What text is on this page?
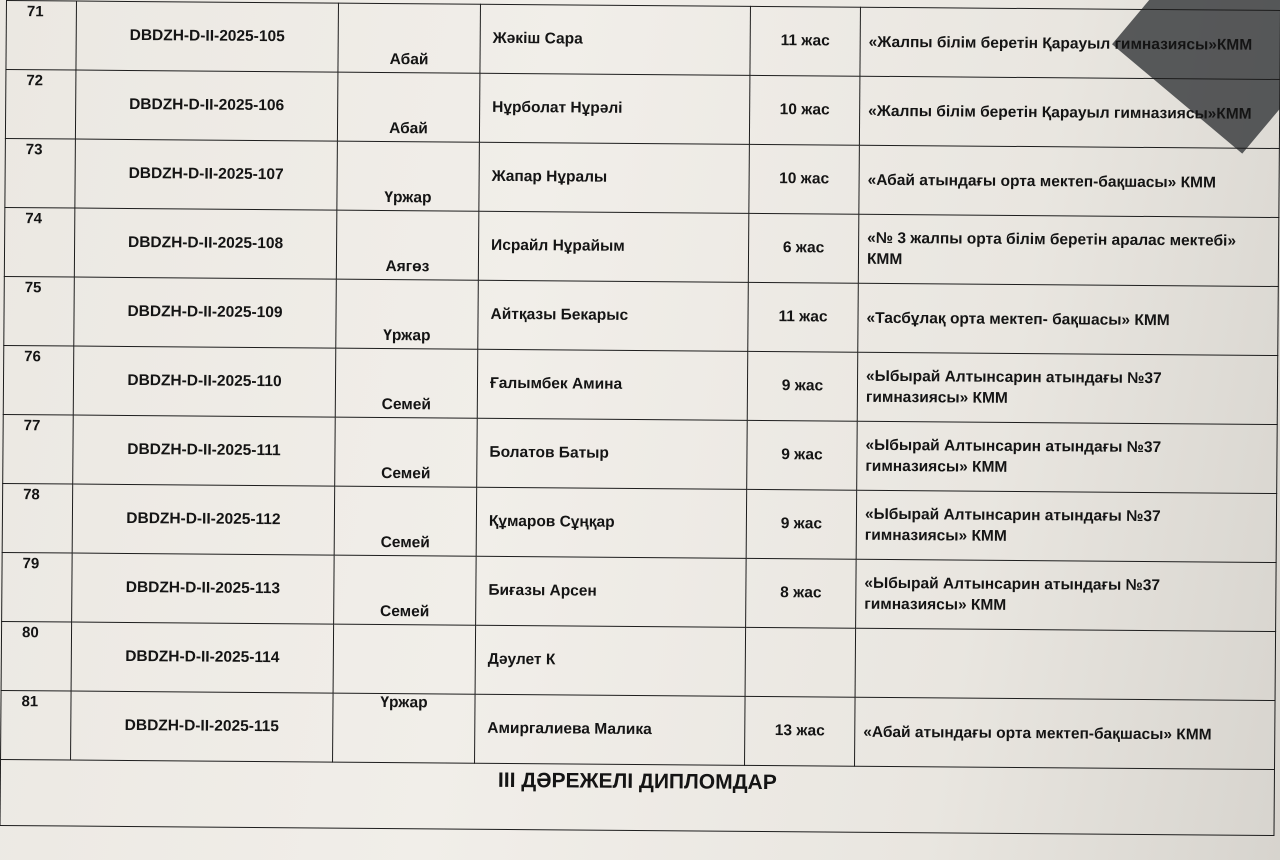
71	DBDZH-D-II-2025-105	Абай	Жәкіш Сара	11 жас	«Жалпы білім беретін Қарауыл гимназиясы»КММ
72	DBDZH-D-II-2025-106	Абай	Нұрболат Нұрәлі	10 жас	«Жалпы білім беретін Қарауыл гимназиясы»КММ
73	DBDZH-D-II-2025-107	Үржар	Жапар Нұралы	10 жас	«Абай атындағы орта мектеп-бақшасы» КММ
74	DBDZH-D-II-2025-108	Аягөз	Исрайл Нұрайым	6 жас	«№ 3 жалпы орта білім беретін аралас мектебі» КММ
75	DBDZH-D-II-2025-109	Үржар	Айтқазы Бекарыс	11 жас	«Тасбұлақ орта мектеп- бақшасы» КММ
76	DBDZH-D-II-2025-110	Семей	Ғалымбек Амина	9 жас	«Ыбырай Алтынсарин атындағы №37 гимназиясы» КММ
77	DBDZH-D-II-2025-111	Семей	Болатов Батыр	9 жас	«Ыбырай Алтынсарин атындағы №37 гимназиясы» КММ
78	DBDZH-D-II-2025-112	Семей	Құмаров Сұңқар	9 жас	«Ыбырай Алтынсарин атындағы №37 гимназиясы» КММ
79	DBDZH-D-II-2025-113	Семей	Биғазы Арсен	8 жас	«Ыбырай Алтынсарин атындағы №37 гимназиясы» КММ
80	DBDZH-D-II-2025-114		Дәулет К		
81	DBDZH-D-II-2025-115	Үржар	Амиргалиева Малика	13 жас	«Абай атындағы орта мектеп-бақшасы» КММ
III ДӘРЕЖЕЛІ ДИПЛОМДАР					
